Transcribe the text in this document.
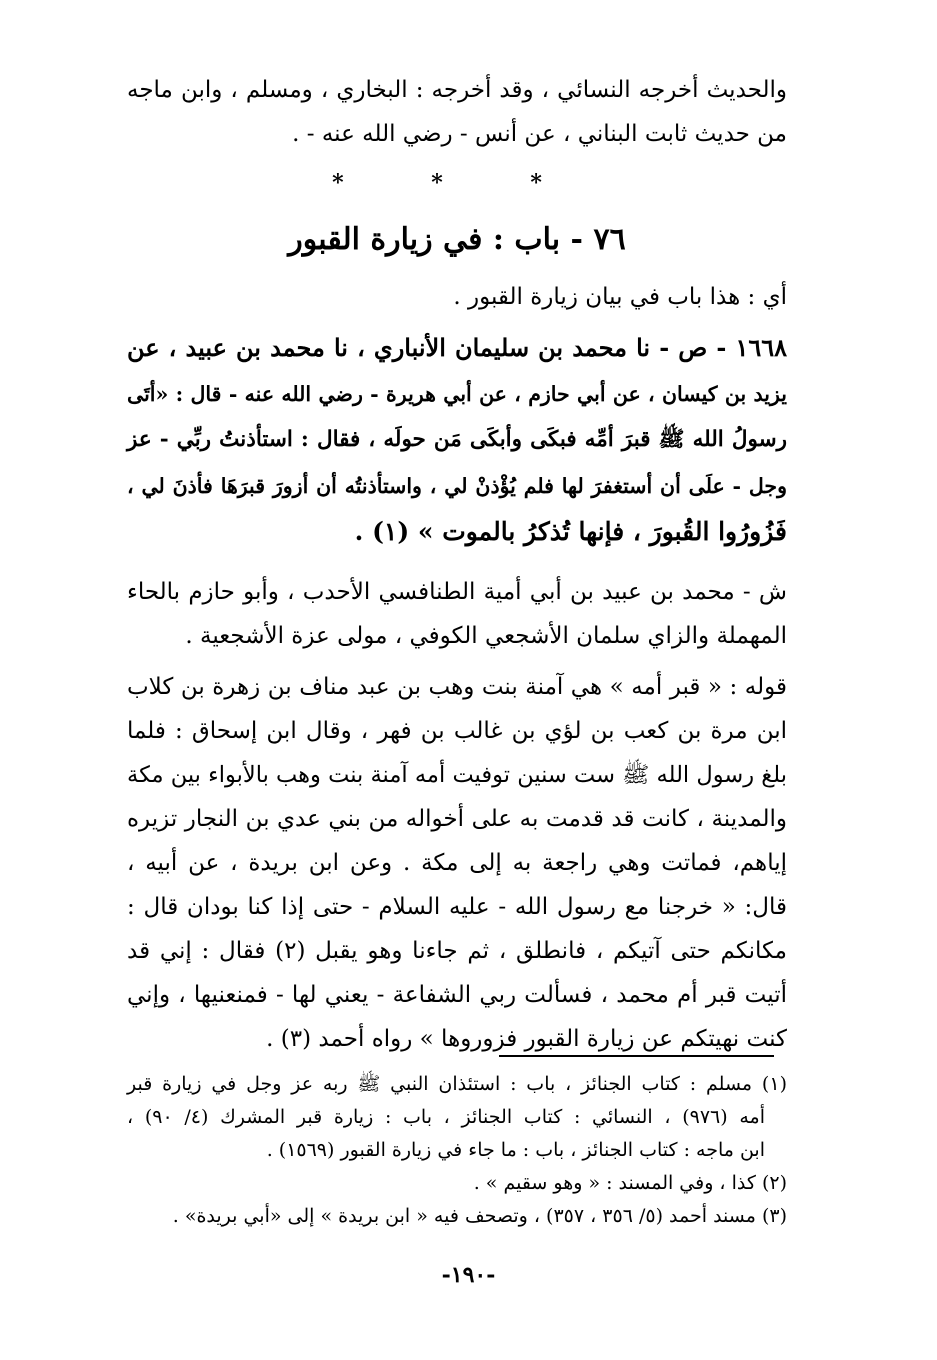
والحديث أخرجه النسائي ، وقد أخرجه : البخاري ، ومسلم ، وابن ماجه
من حديث ثابت البناني ، عن أنس - رضي الله عنه - .
* * *
٧٦ - باب : في زيارة القبور
أي : هذا باب في بيان زيارة القبور .
١٦٦٨ - ص - نا محمد بن سليمان الأنباري ، نا محمد بن عبيد ، عن
يزيد بن كيسان ، عن أبي حازم ، عن أبي هريرة - رضي الله عنه - قال : «أتَى
رسولُ الله ﷺ قبرَ أمِّه فبكَى وأبكَى مَن حولَه ، فقال : استأذنتُ ربِّي - عز
وجل - علَى أن أستغفرَ لها فلم يُؤْذنْ لي ، واستأذنتُه أن أزورَ قبرَهَا فأذنَ لي ،
فَزُورُوا القُبورَ ، فإنها تُذكرُ بالموت » (١) .
ش - محمد بن عبيد بن أبي أمية الطنافسي الأحدب ، وأبو حازم بالحاء
المهملة والزاي سلمان الأشجعي الكوفي ، مولى عزة الأشجعية .
قوله : « قبر أمه » هي آمنة بنت وهب بن عبد مناف بن زهرة بن كلاب
ابن مرة بن كعب بن لؤي بن غالب بن فهر ، وقال ابن إسحاق : فلما
بلغ رسول الله ﷺ ست سنين توفيت أمه آمنة بنت وهب بالأبواء بين مكة
والمدينة ، كانت قد قدمت به على أخواله من بني عدي بن النجار تزيره
إياهم، فماتت وهي راجعة به إلى مكة . وعن ابن بريدة ، عن أبيه ،
قال: « خرجنا مع رسول الله - عليه السلام - حتى إذا كنا بودان قال :
مكانكم حتى آتيكم ، فانطلق ، ثم جاءنا وهو يقبل (٢) فقال : إني قد
أتيت قبر أم محمد ، فسألت ربي الشفاعة - يعني لها - فمنعنيها ، وإني
كنت نهيتكم عن زيارة القبور فزوروها » رواه أحمد (٣) .
(١) مسلم : كتاب الجنائز ، باب : استئذان النبي ﷺ ربه عز وجل في زيارة قبر
أمه (٩٧٦) ، النسائي : كتاب الجنائز ، باب : زيارة قبر المشرك (٤/ ٩٠) ،
ابن ماجه : كتاب الجنائز ، باب : ما جاء في زيارة القبور (١٥٦٩) .
(٢) كذا ، وفي المسند : « وهو سقيم » .
(٣) مسند أحمد (٥/ ٣٥٦ ، ٣٥٧) ، وتصحف فيه « ابن بريدة » إلى «أبي بريدة» .
-١٩٠-
